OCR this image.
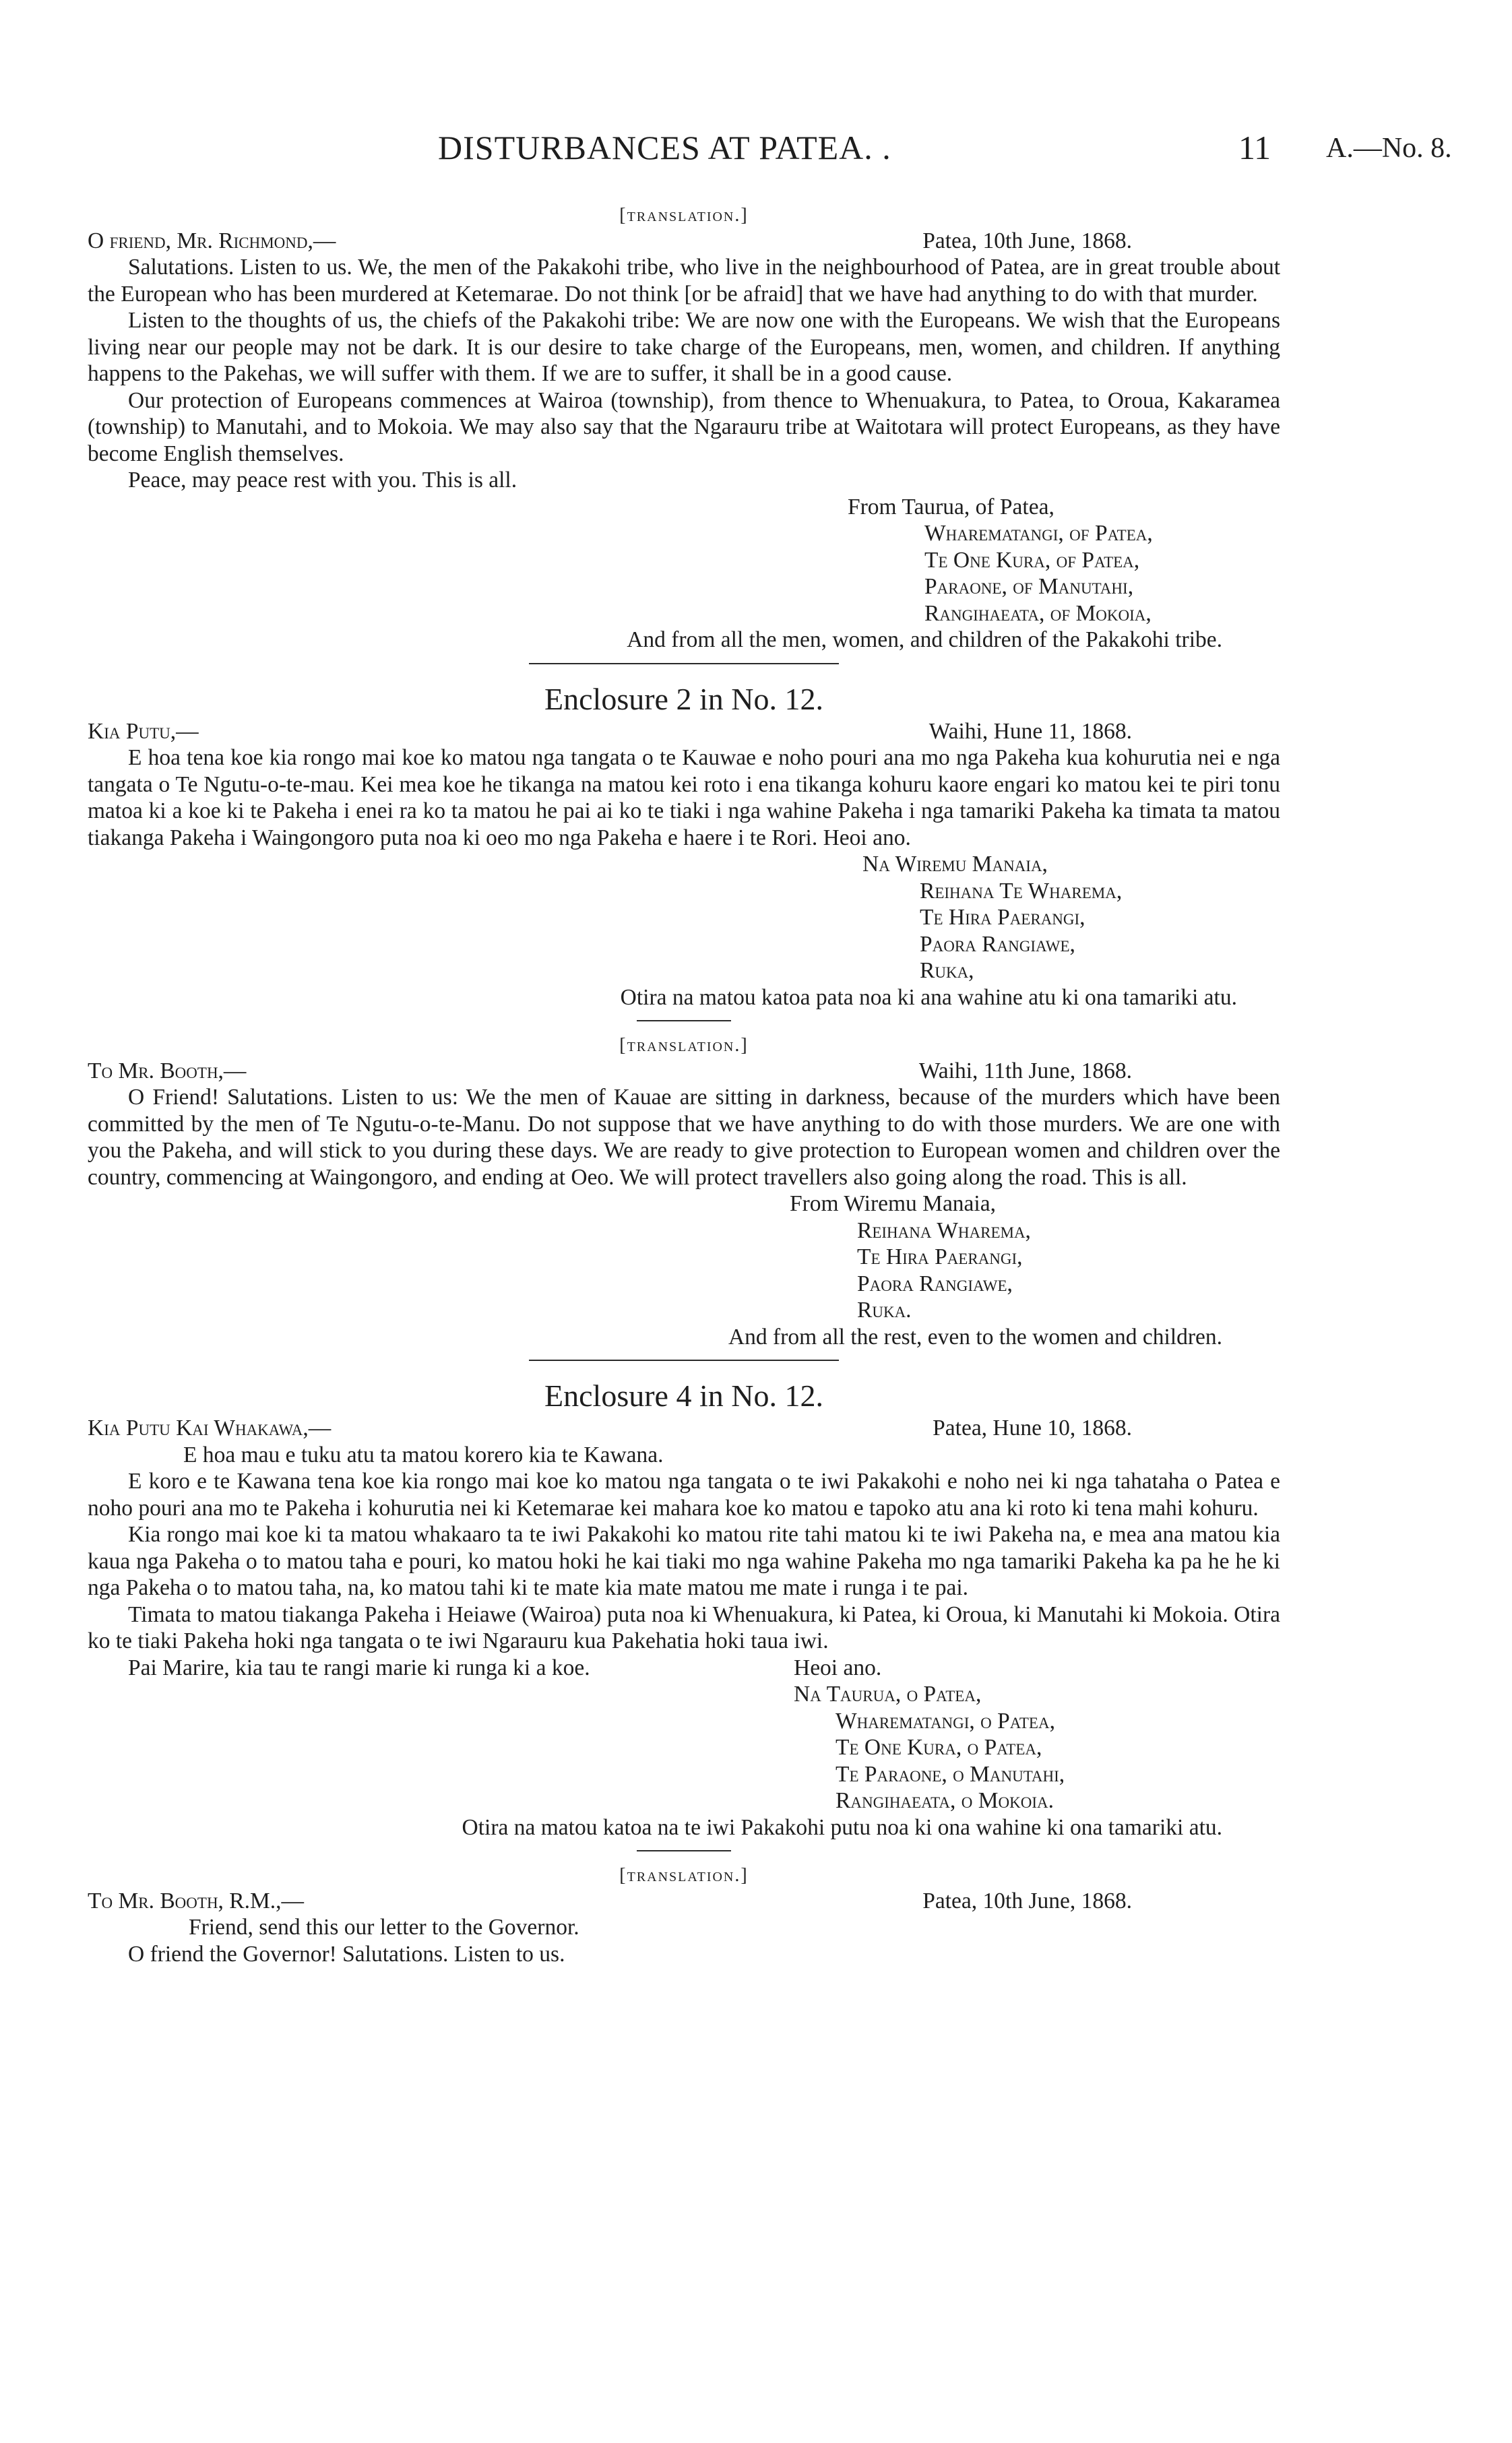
DISTURBANCES AT PATEA. .	11 A.—No. 8.
[translation.]
O friend, Mr. Richmond,—	Patea, 10th June, 1868.

Salutations. Listen to us. We, the men of the Pakakohi tribe, who live in the neighbourhood of Patea, are in great trouble about the European who has been murdered at Ketemarae. Do not think [or be afraid] that we have had anything to do with that murder.

Listen to the thoughts of us, the chiefs of the Pakakohi tribe: We are now one with the Europeans. We wish that the Europeans living near our people may not be dark. It is our desire to take charge of the Europeans, men, women, and children. If anything happens to the Pakehas, we will suffer with them. If we are to suffer, it shall be in a good cause.

Our protection of Europeans commences at Wairoa (township), from thence to Whenuakura, to Patea, to Oroua, Kakaramea (township) to Manutahi, and to Mokoia. We may also say that the Ngarauru tribe at Waitotara will protect Europeans, as they have become English themselves.

Peace, may peace rest with you. This is all.

From Taurua, of Patea,
Wharematangi, of Patea,
Te One Kura, of Patea,
Paraone, of Manutahi,
Rangihaeata, of Mokoia,
And from all the men, women, and children of the Pakakohi tribe.
Enclosure 2 in No. 12.
Kia Putu,—	Waihi, Hune 11, 1868.

E hoa tena koe kia rongo mai koe ko matou nga tangata o te Kauwae e noho pouri ana mo nga Pakeha kua kohurutia nei e nga tangata o Te Ngutu-o-te-mau. Kei mea koe he tikanga na matou kei roto i ena tikanga kohuru kaore engari ko matou kei te piri tonu matoa ki a koe ki te Pakeha i enei ra ko ta matou he pai ai ko te tiaki i nga wahine Pakeha i nga tamariki Pakeha ka timata ta matou tiakanga Pakeha i Waingongoro puta noa ki oeo mo nga Pakeha e haere i te Rori. Heoi ano.

Na Wiremu Manaia,
Reihana Te Wharema,
Te Hira Paerangi,
Paora Rangiawe,
Ruka,
Otira na matou katoa pata noa ki ana wahine atu ki ona tamariki atu.
[translation.]
To Mr. Booth,—	Waihi, 11th June, 1868.

O Friend! Salutations. Listen to us: We the men of Kauae are sitting in darkness, because of the murders which have been committed by the men of Te Ngutu-o-te-Manu. Do not suppose that we have anything to do with those murders. We are one with you the Pakeha, and will stick to you during these days. We are ready to give protection to European women and children over the country, commencing at Waingongoro, and ending at Oeo. We will protect travellers also going along the road. This is all.

From Wiremu Manaia,
Reihana Wharema,
Te Hira Paerangi,
Paora Rangiawe,
Ruka.
And from all the rest, even to the women and children.
Enclosure 4 in No. 12.
Kia Putu Kai Whakawa,—	Patea, Hune 10, 1868.

E hoa mau e tuku atu ta matou korero kia te Kawana.

E koro e te Kawana tena koe kia rongo mai koe ko matou nga tangata o te iwi Pakakohi e noho nei ki nga tahataha o Patea e noho pouri ana mo te Pakeha i kohurutia nei ki Ketemarae kei mahara koe ko matou e tapoko atu ana ki roto ki tena mahi kohuru.

Kia rongo mai koe ki ta matou whakaaro ta te iwi Pakakohi ko matou rite tahi matou ki te iwi Pakeha na, e mea ana matou kia kaua nga Pakeha o to matou taha e pouri, ko matou hoki he kai tiaki mo nga wahine Pakeha mo nga tamariki Pakeha ka pa he he ki nga Pakeha o to matou taha, na, ko matou tahi ki te mate kia mate matou me mate i runga i te pai.

Timata to matou tiakanga Pakeha i Heiawe (Wairoa) puta noa ki Whenuakura, ki Patea, ki Oroua, ki Manutahi ki Mokoia. Otira ko te tiaki Pakeha hoki nga tangata o te iwi Ngarauru kua Pakehatia hoki taua iwi.

Pai Marire, kia tau te rangi marie ki runga ki a koe.	Heoi ano.
Na Taurua, o Patea,
Wharematangi, o Patea,
Te One Kura, o Patea,
Te Paraone, o Manutahi,
Rangihaeata, o Mokoia.
Otira na matou katoa na te iwi Pakakohi putu noa ki ona wahine ki ona tamariki atu.
[translation.]
To Mr. Booth, R.M.,—	Patea, 10th June, 1868.

Friend, send this our letter to the Governor.

O friend the Governor! Salutations. Listen to us.
